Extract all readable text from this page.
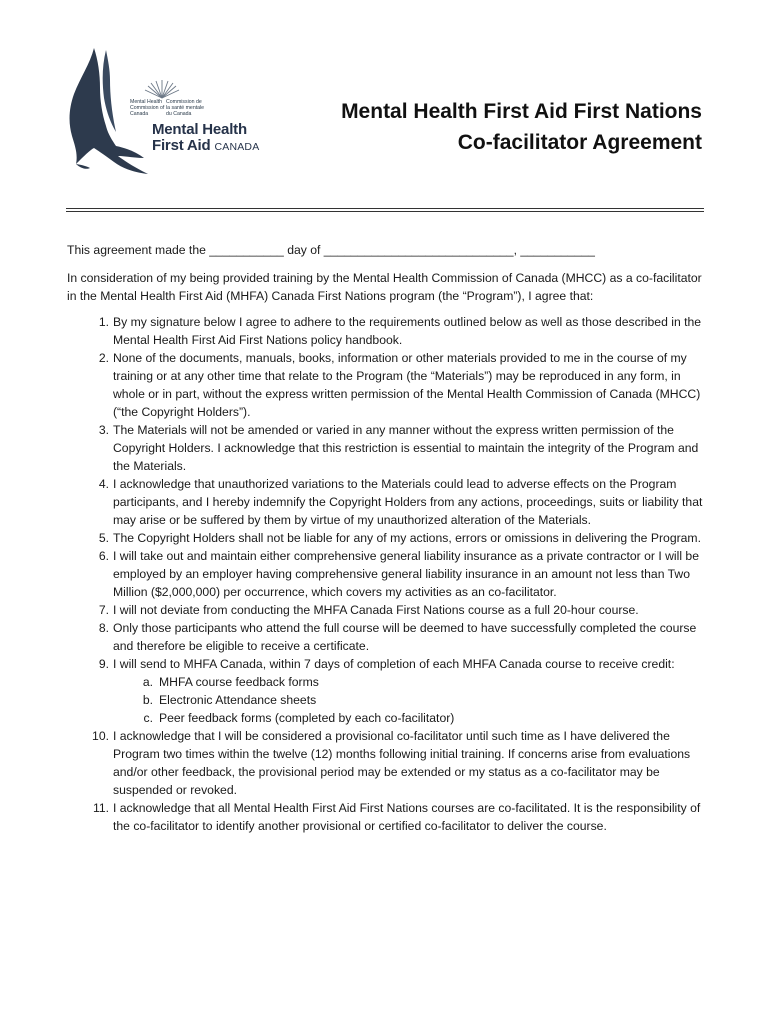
Mental Health Commission of Canada
Commission de la santé mentale du Canada
Mental Health
First Aid CANADA
Mental Health First Aid First Nations
Co-facilitator Agreement

This agreement made the ___________ day of ____________________________, ___________

In consideration of my being provided training by the Mental Health Commission of Canada (MHCC) as a co-facilitator in the Mental Health First Aid (MHFA) Canada First Nations program (the “Program”), I agree that:

1. By my signature below I agree to adhere to the requirements outlined below as well as those described in the Mental Health First Aid First Nations policy handbook.
2. None of the documents, manuals, books, information or other materials provided to me in the course of my training or at any other time that relate to the Program (the “Materials”) may be reproduced in any form, in whole or in part, without the express written permission of the Mental Health Commission of Canada (MHCC) (“the Copyright Holders”).
3. The Materials will not be amended or varied in any manner without the express written permission of the Copyright Holders. I acknowledge that this restriction is essential to maintain the integrity of the Program and the Materials.
4. I acknowledge that unauthorized variations to the Materials could lead to adverse effects on the Program participants, and I hereby indemnify the Copyright Holders from any actions, proceedings, suits or liability that may arise or be suffered by them by virtue of my unauthorized alteration of the Materials.
5. The Copyright Holders shall not be liable for any of my actions, errors or omissions in delivering the Program.
6. I will take out and maintain either comprehensive general liability insurance as a private contractor or I will be employed by an employer having comprehensive general liability insurance in an amount not less than Two Million ($2,000,000) per occurrence, which covers my activities as an co-facilitator.
7. I will not deviate from conducting the MHFA Canada First Nations course as a full 20-hour course.
8. Only those participants who attend the full course will be deemed to have successfully completed the course and therefore be eligible to receive a certificate.
9. I will send to MHFA Canada, within 7 days of completion of each MHFA Canada course to receive credit:
a. MHFA course feedback forms
b. Electronic Attendance sheets
c. Peer feedback forms (completed by each co-facilitator)
10. I acknowledge that I will be considered a provisional co-facilitator until such time as I have delivered the Program two times within the twelve (12) months following initial training. If concerns arise from evaluations and/or other feedback, the provisional period may be extended or my status as a co-facilitator may be suspended or revoked.
11. I acknowledge that all Mental Health First Aid First Nations courses are co-facilitated. It is the responsibility of the co-facilitator to identify another provisional or certified co-facilitator to deliver the course.
